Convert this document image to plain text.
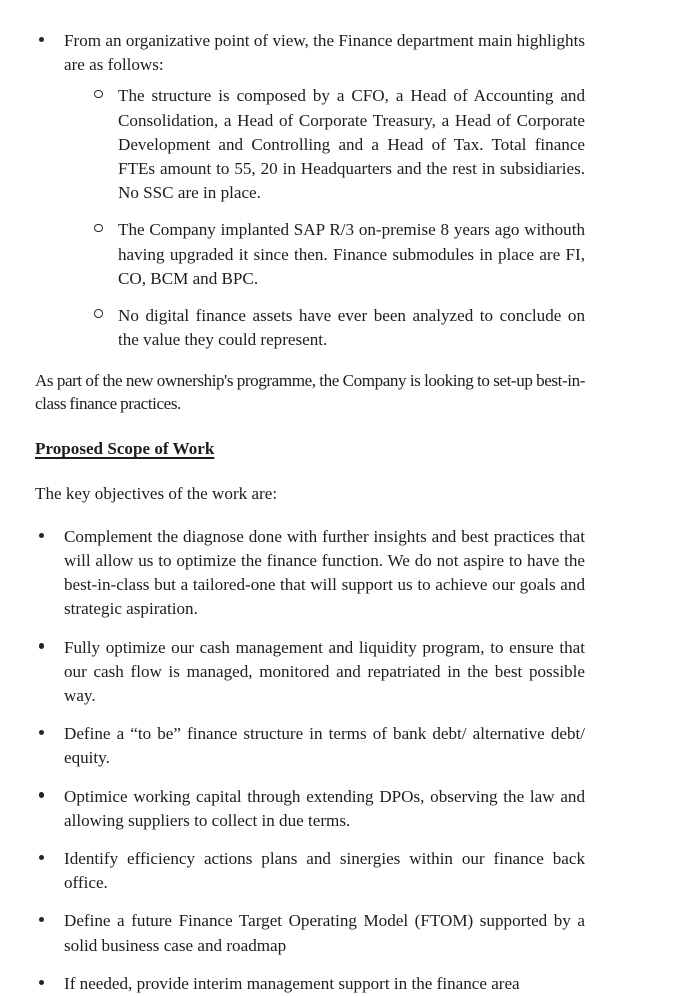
From an organizative point of view, the Finance department main highlights are as follows:
The structure is composed by a CFO, a Head of Accounting and Consolidation, a Head of Corporate Treasury, a Head of Corporate Development and Controlling and a Head of Tax. Total finance FTEs amount to 55, 20 in Headquarters and the rest in subsidiaries. No SSC are in place.
The Company implanted SAP R/3 on-premise 8 years ago withouth having upgraded it since then. Finance submodules in place are FI, CO, BCM and BPC.
No digital finance assets have ever been analyzed to conclude on the value they could represent.

As part of the new ownership's programme, the Company is looking to set-up best-in-class finance practices.

Proposed Scope of Work

The key objectives of the work are:

Complement the diagnose done with further insights and best practices that will allow us to optimize the finance function. We do not aspire to have the best-in-class but a tailored-one that will support us to achieve our goals and strategic aspiration.
Fully optimize our cash management and liquidity program, to ensure that our cash flow is managed, monitored and repatriated in the best possible way.
Define a “to be” finance structure in terms of bank debt/ alternative debt/ equity.
Optimice working capital through extending DPOs, observing the law and allowing suppliers to collect in due terms.
Identify efficiency actions plans and sinergies within our finance back office.
Define a future Finance Target Operating Model (FTOM) supported by a solid business case and roadmap
If needed, provide interim management support in the finance area
